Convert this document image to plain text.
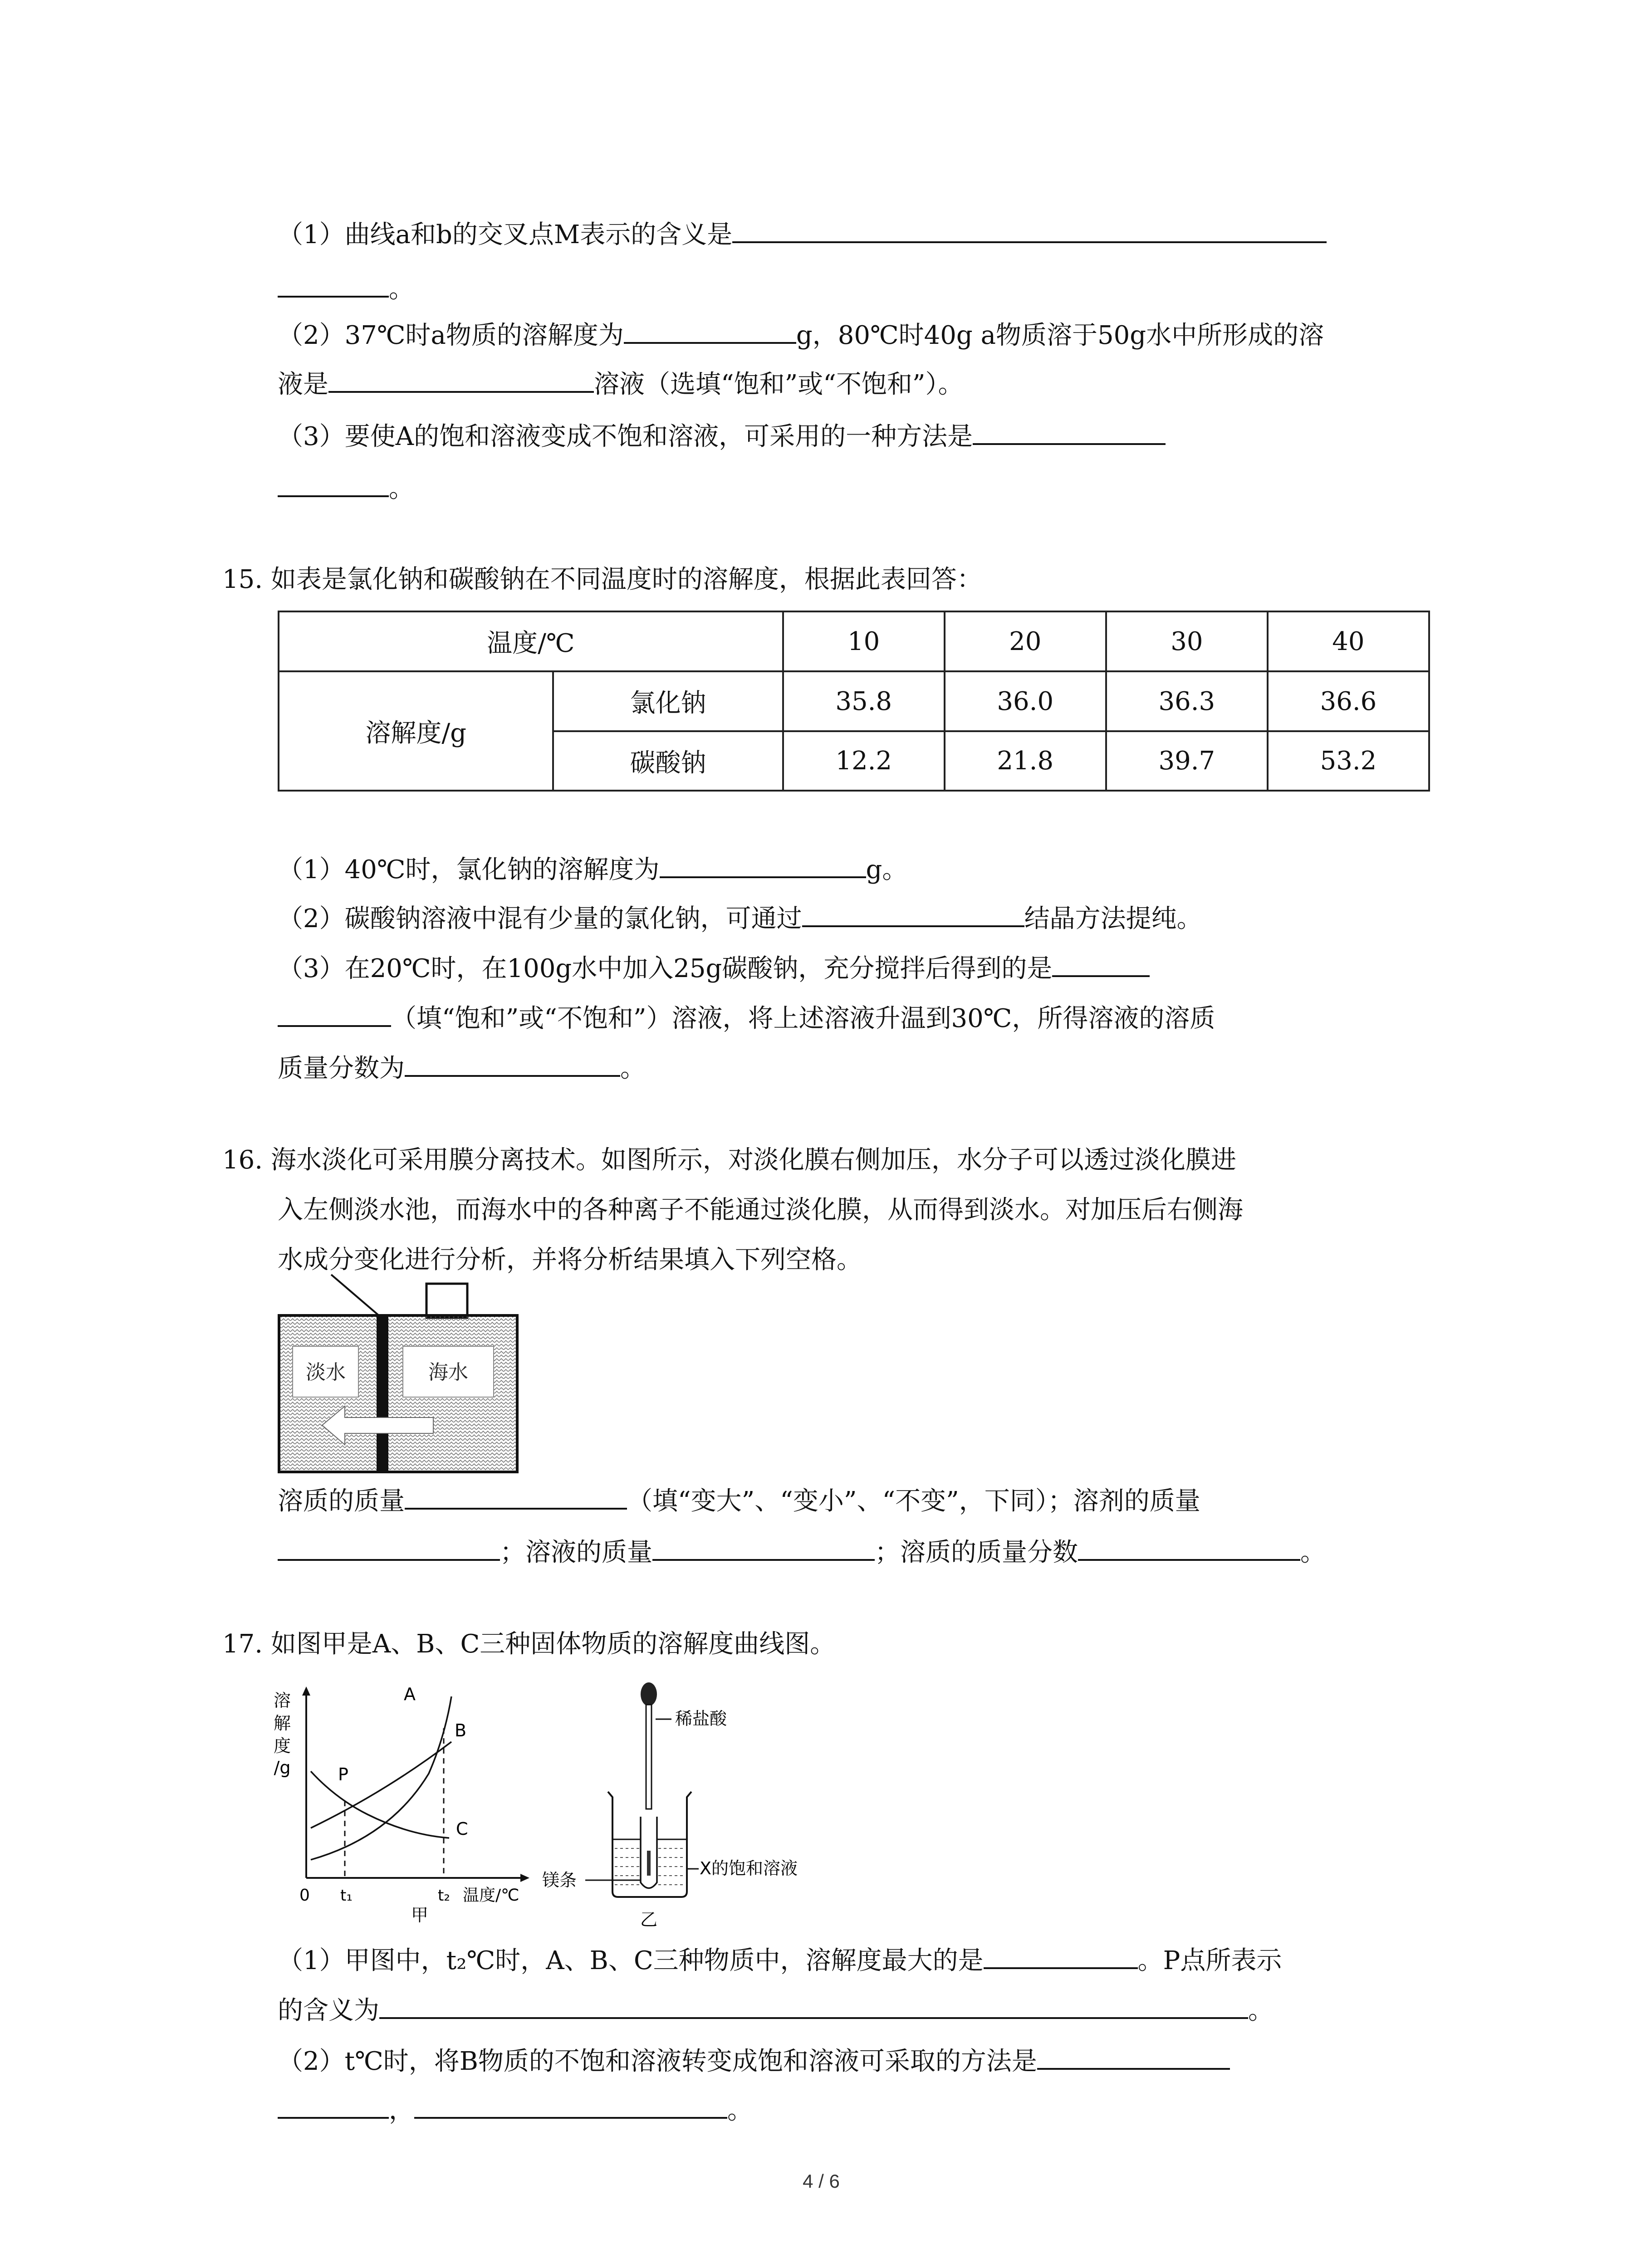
（1）曲线a和b的交叉点M表示的含义是
。
（2）37℃时a物质的溶解度为	g，80℃时40g a物质溶于50g水中所形成的溶
液是	溶液（选填“饱和”或“不饱和”）。
（3）要使A的饱和溶液变成不饱和溶液，可采用的一种方法是
。
15. 如表是氯化钠和碳酸钠在不同温度时的溶解度，根据此表回答：
温度/℃		10	20	30	40
溶解度/g	氯化钠	35.8	36.0	36.3	36.6
	碳酸钠	12.2	21.8	39.7	53.2
（1）40℃时，氯化钠的溶解度为	g。
（2）碳酸钠溶液中混有少量的氯化钠，可通过	结晶方法提纯。
（3）在20℃时，在100g水中加入25g碳酸钠，充分搅拌后得到的是
（填“饱和”或“不饱和”）溶液，将上述溶液升温到30℃，所得溶液的溶质
质量分数为	。
16. 海水淡化可采用膜分离技术。如图所示，对淡化膜右侧加压，水分子可以透过淡化膜进
入左侧淡水池，而海水中的各种离子不能通过淡化膜，从而得到淡水。对加压后右侧海
水成分变化进行分析，并将分析结果填入下列空格。
淡水	海水
溶质的质量	（填“变大”、“变小”、“不变”，下同）；溶剂的质量
；溶液的质量	；溶质的质量分数	。
17. 如图甲是A、B、C三种固体物质的溶解度曲线图。
溶
解
度
/g
A
B
C
P
0 t₁	t₂ 温度/℃
甲
稀盐酸
镁条
X的饱和溶液
乙
（1）甲图中，t₂℃时，A、B、C三种物质中，溶解度最大的是	。P点所表示
的含义为	。
（2）t℃时，将B物质的不饱和溶液转变成饱和溶液可采取的方法是
，	。
4 / 6
